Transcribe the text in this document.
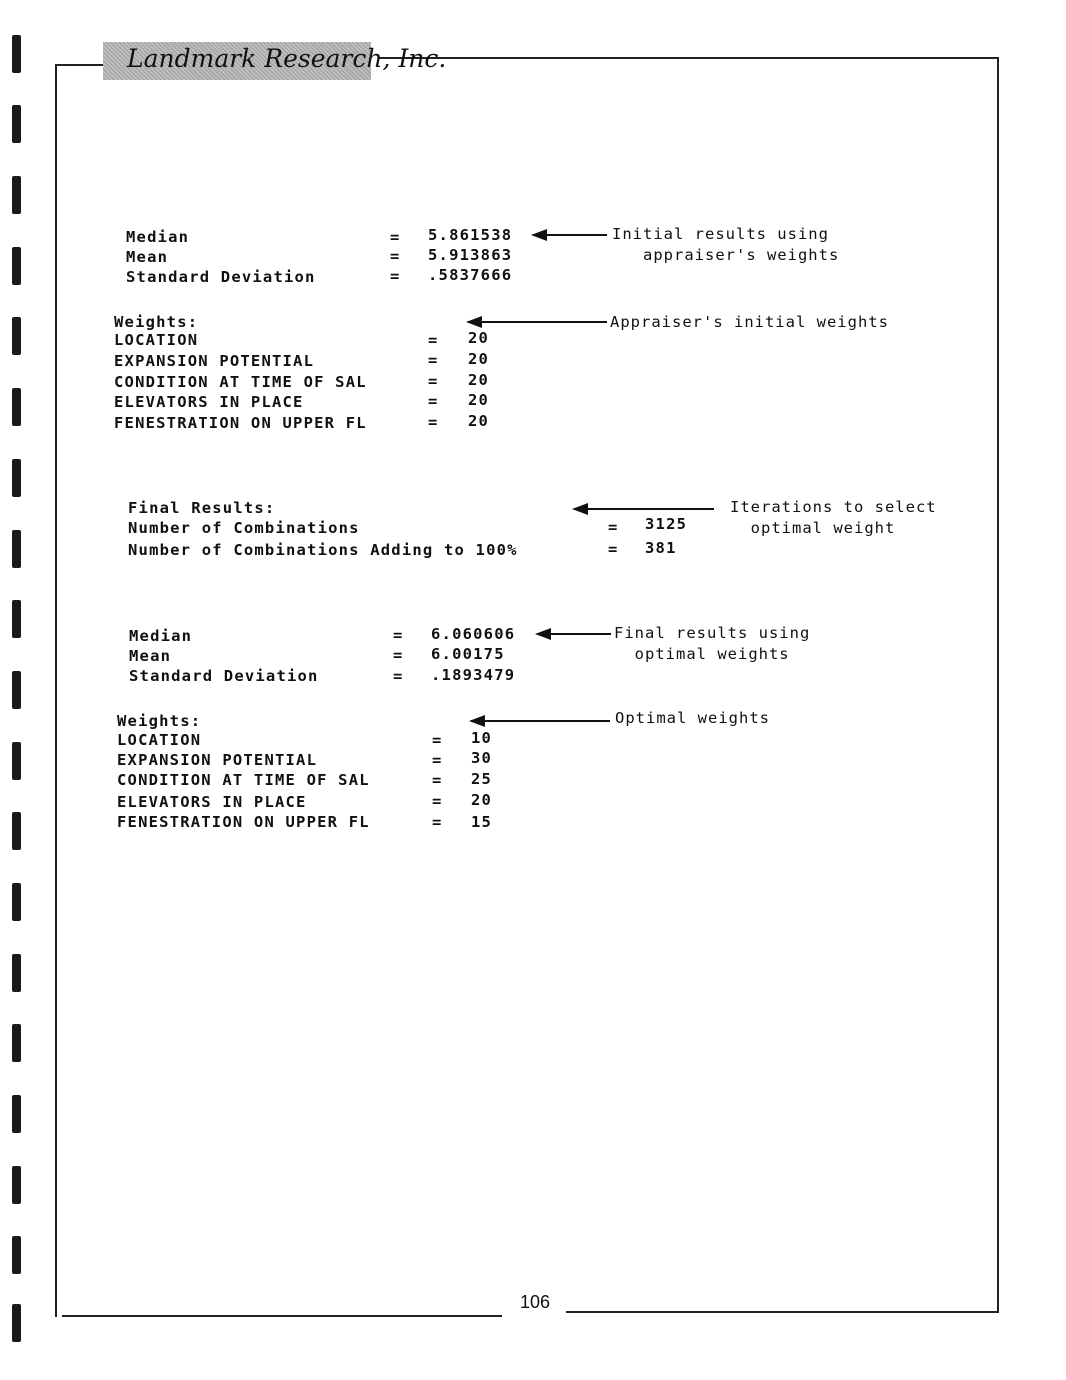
Landmark Research, Inc.
Median	= 5.861538
Mean	= 5.913863
Standard Deviation	= .5837666
Initial results using
appraiser's weights
Weights:	Appraiser's initial weights
LOCATION	= 20
EXPANSION POTENTIAL	= 20
CONDITION AT TIME OF SAL	= 20
ELEVATORS IN PLACE	= 20
FENESTRATION ON UPPER FL	= 20
Final Results:	Iterations to select
optimal weight
Number of Combinations	= 3125
Number of Combinations Adding to 100%	= 381
Median	= 6.060606
Mean	= 6.00175
Standard Deviation	= .1893479
Final results using
optimal weights
Weights:	Optimal weights
LOCATION	= 10
EXPANSION POTENTIAL	= 30
CONDITION AT TIME OF SAL	= 25
ELEVATORS IN PLACE	= 20
FENESTRATION ON UPPER FL	= 15
106
